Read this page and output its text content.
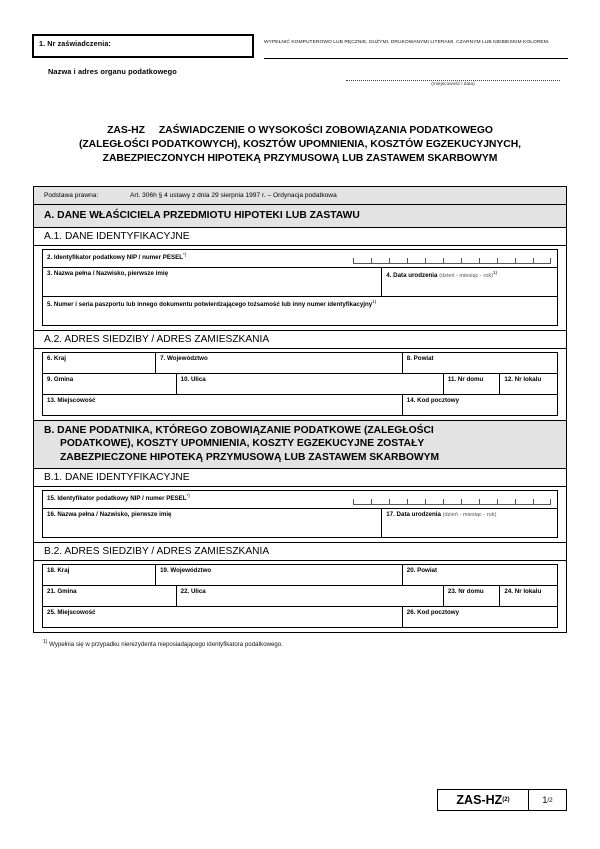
1. Nr zaświadczenia:	WYPEŁNIĆ KOMPUTEROWO LUB RĘCZNIE, DUŻYMI, DRUKOWANYMI LITERAMI, CZARNYM LUB NIEBIESKIM KOLOREM.
Nazwa i adres organu podatkowego
(miejscowość i data)
ZAS-HZ ZAŚWIADCZENIE O WYSOKOŚCI ZOBOWIĄZANIA PODATKOWEGO
(ZALEGŁOŚCI PODATKOWYCH), KOSZTÓW UPOMNIENIA, KOSZTÓW EGZEKUCYJNYCH,
ZABEZPIECZONYCH HIPOTEKĄ PRZYMUSOWĄ LUB ZASTAWEM SKARBOWYM
Podstawa prawna:	Art. 306h § 4 ustawy z dnia 29 sierpnia 1997 r. – Ordynacja podatkowa
A. DANE WŁAŚCICIELA PRZEDMIOTU HIPOTEKI LUB ZASTAWU
A.1. DANE IDENTYFIKACYJNE
2. Identyfikator podatkowy NIP / numer PESEL*)
3. Nazwa pełna / Nazwisko, pierwsze imię	4. Data urodzenia (dzień - miesiąc - rok)$^{1)}$
5. Numer i seria paszportu lub innego dokumentu potwierdzającego tożsamość lub inny numer identyfikacyjny$^{1)}$
A.2. ADRES SIEDZIBY / ADRES ZAMIESZKANIA
6. Kraj	7. Województwo	8. Powiat
9. Gmina	10. Ulica	11. Nr domu	12. Nr lokalu
13. Miejscowość	14. Kod pocztowy
B. DANE PODATNIKA, KTÓREGO ZOBOWIĄZANIE PODATKOWE (ZALEGŁOŚCI
PODATKOWE), KOSZTY UPOMNIENIA, KOSZTY EGZEKUCYJNE ZOSTAŁY
ZABEZPIECZONE HIPOTEKĄ PRZYMUSOWĄ LUB ZASTAWEM SKARBOWYM
B.1. DANE IDENTYFIKACYJNE
15. Identyfikator podatkowy NIP / numer PESEL*)
16. Nazwa pełna / Nazwisko, pierwsze imię	17. Data urodzenia (dzień - miesiąc - rok)
B.2. ADRES SIEDZIBY / ADRES ZAMIESZKANIA
18. Kraj	19. Województwo	20. Powiat
21. Gmina	22. Ulica	23. Nr domu	24. Nr lokalu
25. Miejscowość	26. Kod pocztowy
$^{1)}$ Wypełnia się w przypadku nierezydenta nieposiadającego identyfikatora podatkowego.
ZAS-HZ (2)	1 /2
